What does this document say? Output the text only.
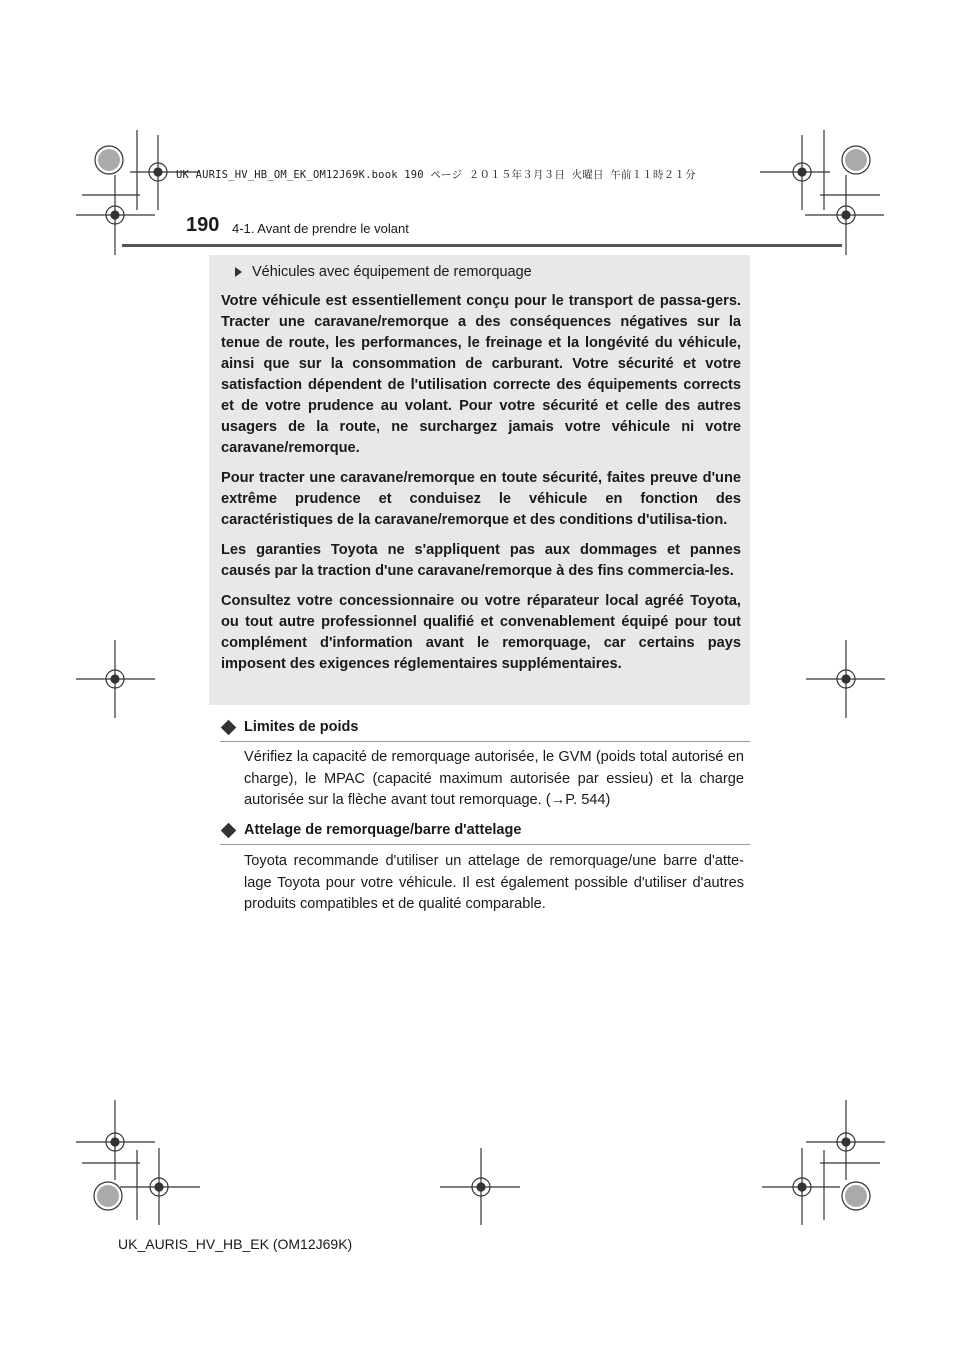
UK AURIS_HV_HB_OM_EK_OM12J69K.book 190 ページ ２０１５年３月３日 火曜日 午前１１時２１分
190 4-1. Avant de prendre le volant
Véhicules avec équipement de remorquage

Votre véhicule est essentiellement conçu pour le transport de passa-gers. Tracter une caravane/remorque a des conséquences négatives sur la tenue de route, les performances, le freinage et la longévité du véhicule, ainsi que sur la consommation de carburant. Votre sécurité et votre satisfaction dépendent de l'utilisation correcte des équipements corrects et de votre prudence au volant. Pour votre sécurité et celle des autres usagers de la route, ne surchargez jamais votre véhicule ni votre caravane/remorque.

Pour tracter une caravane/remorque en toute sécurité, faites preuve d'une extrême prudence et conduisez le véhicule en fonction des caractéristiques de la caravane/remorque et des conditions d'utilisa-tion.

Les garanties Toyota ne s'appliquent pas aux dommages et pannes causés par la traction d'une caravane/remorque à des fins commercia-les.

Consultez votre concessionnaire ou votre réparateur local agréé Toyota, ou tout autre professionnel qualifié et convenablement équipé pour tout complément d'information avant le remorquage, car certains pays imposent des exigences réglementaires supplémentaires.

Limites de poids

Vérifiez la capacité de remorquage autorisée, le GVM (poids total autorisé en charge), le MPAC (capacité maximum autorisée par essieu) et la charge autorisée sur la flèche avant tout remorquage. (→P. 544)

Attelage de remorquage/barre d'attelage

Toyota recommande d'utiliser un attelage de remorquage/une barre d'atte-lage Toyota pour votre véhicule. Il est également possible d'utiliser d'autres produits compatibles et de qualité comparable.

UK_AURIS_HV_HB_EK (OM12J69K)
